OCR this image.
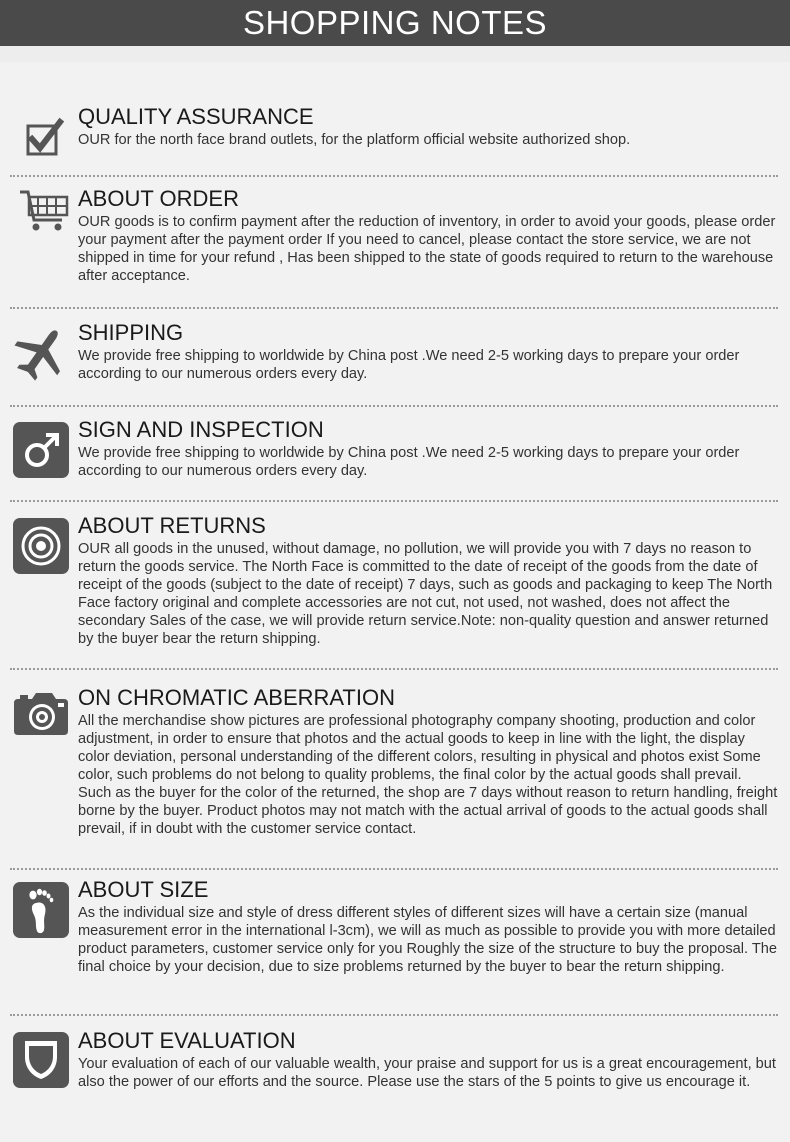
SHOPPING NOTES
QUALITY ASSURANCE

OUR for the north face brand outlets, for the platform official website authorized shop.

ABOUT ORDER

OUR goods is to confirm payment after the reduction of inventory, in order to avoid your goods, please order your payment after the payment order If you need to cancel, please contact the store service, we are not shipped in time for your refund , Has been shipped to the state of goods required to return to the warehouse after acceptance.

SHIPPING

We provide free shipping to worldwide by China post .We need 2-5 working days to prepare your order according to our numerous orders every day.

SIGN AND INSPECTION

We provide free shipping to worldwide by China post .We need 2-5 working days to prepare your order according to our numerous orders every day.

ABOUT RETURNS

OUR all goods in the unused, without damage, no pollution, we will provide you with 7 days no reason to return the goods service. The North Face is committed to the date of receipt of the goods from the date of receipt of the goods (subject to the date of receipt) 7 days, such as goods and packaging to keep The North Face factory original and complete accessories are not cut, not used, not washed, does not affect the secondary Sales of the case, we will provide return service.Note: non-quality question and answer returned by the buyer bear the return shipping.

ON CHROMATIC ABERRATION

All the merchandise show pictures are professional photography company shooting, production and color adjustment, in order to ensure that photos and the actual goods to keep in line with the light, the display color deviation, personal understanding of the different colors, resulting in physical and photos exist Some color, such problems do not belong to quality problems, the final color by the actual goods shall prevail. Such as the buyer for the color of the returned, the shop are 7 days without reason to return handling, freight borne by the buyer. Product photos may not match with the actual arrival of goods to the actual goods shall prevail, if in doubt with the customer service contact.

ABOUT SIZE

As the individual size and style of dress different styles of different sizes will have a certain size (manual measurement error in the international l-3cm), we will as much as possible to provide you with more detailed product parameters, customer service only for you Roughly the size of the structure to buy the proposal. The final choice by your decision, due to size problems returned by the buyer to bear the return shipping.

ABOUT EVALUATION

Your evaluation of each of our valuable wealth, your praise and support for us is a great encouragement, but also the power of our efforts and the source. Please use the stars of the 5 points to give us encourage it.
